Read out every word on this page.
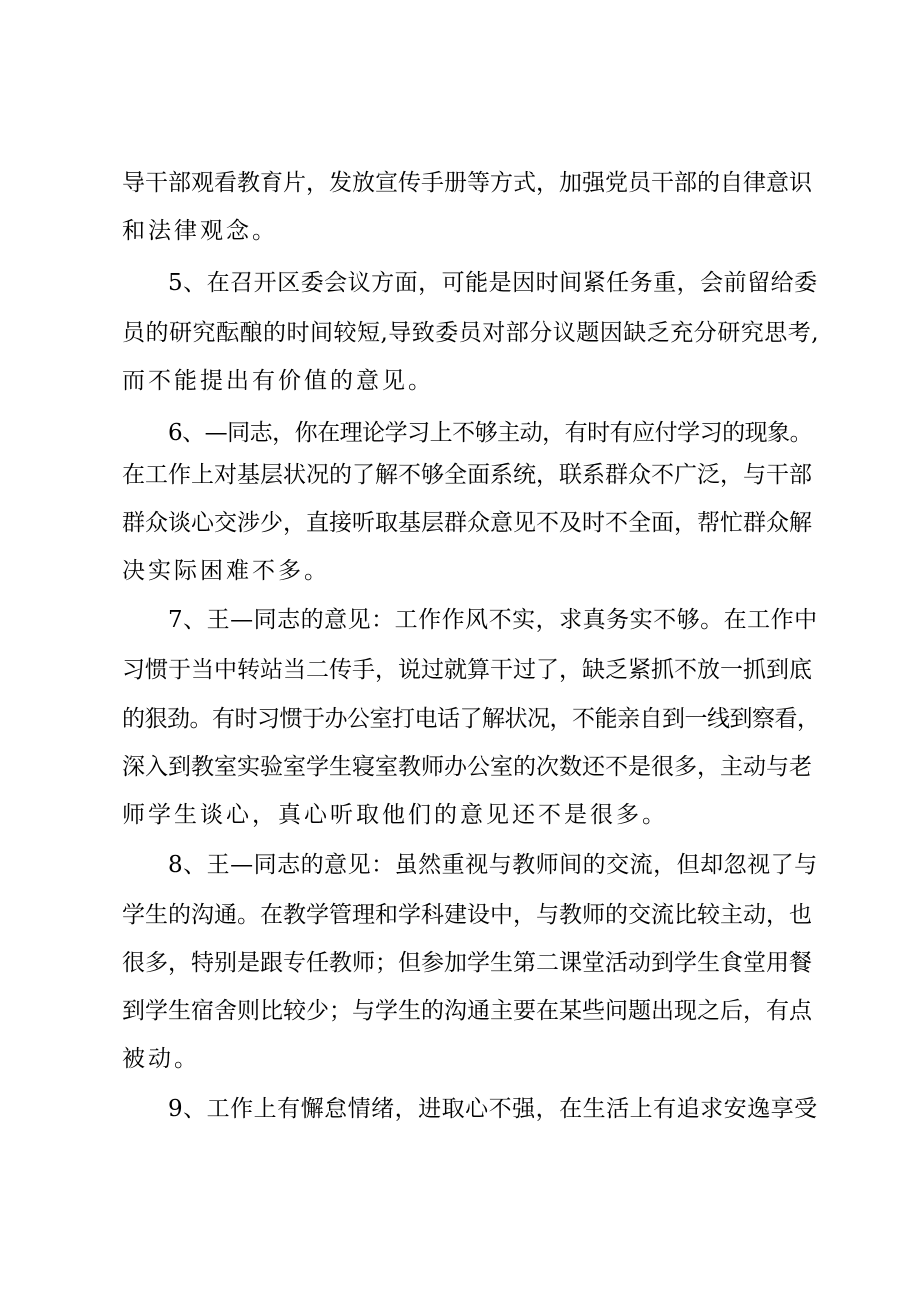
导干部观看教育片，发放宣传手册等方式，加强党员干部的自律意识
和法律观念。
5、在召开区委会议方面，可能是因时间紧任务重，会前留给委
员的研究酝酿的时间较短,导致委员对部分议题因缺乏充分研究思考,
而不能提出有价值的意见。
6、—同志，你在理论学习上不够主动，有时有应付学习的现象。
在工作上对基层状况的了解不够全面系统，联系群众不广泛，与干部
群众谈心交涉少，直接听取基层群众意见不及时不全面，帮忙群众解
决实际困难不多。
7、王—同志的意见：工作作风不实，求真务实不够。在工作中
习惯于当中转站当二传手，说过就算干过了，缺乏紧抓不放一抓到底
的狠劲。有时习惯于办公室打电话了解状况，不能亲自到一线到察看，
深入到教室实验室学生寝室教师办公室的次数还不是很多，主动与老
师学生谈心，真心听取他们的意见还不是很多。
8、王—同志的意见：虽然重视与教师间的交流，但却忽视了与
学生的沟通。在教学管理和学科建设中，与教师的交流比较主动，也
很多，特别是跟专任教师；但参加学生第二课堂活动到学生食堂用餐
到学生宿舍则比较少；与学生的沟通主要在某些问题出现之后，有点
被动。
9、工作上有懈怠情绪，进取心不强，在生活上有追求安逸享受
